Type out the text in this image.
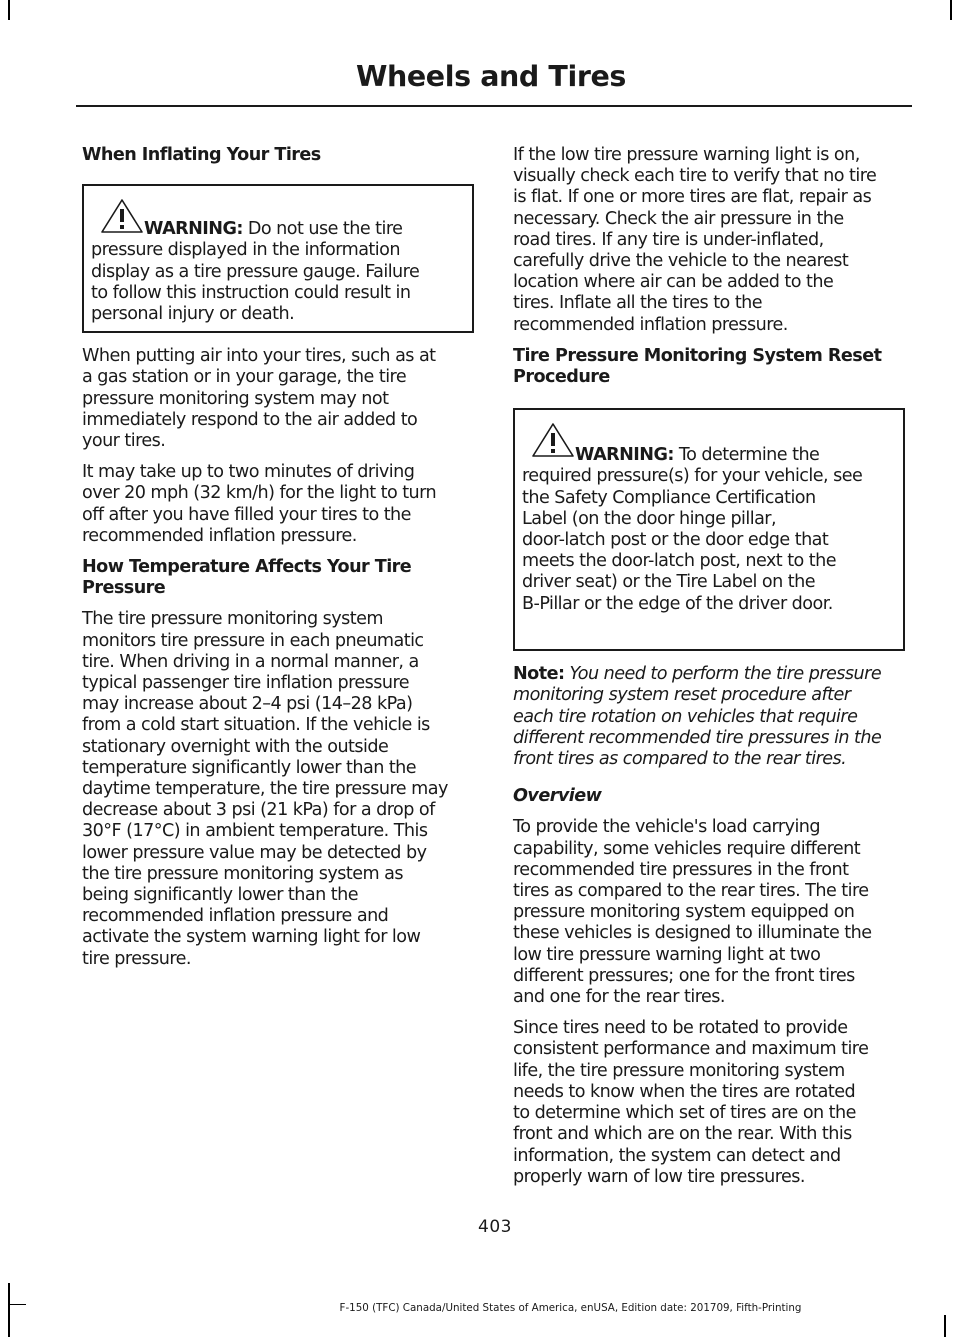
Wheels and Tires
When Inflating Your Tires
WARNING: Do not use the tire
pressure displayed in the information
display as a tire pressure gauge. Failure
to follow this instruction could result in
personal injury or death.
When putting air into your tires, such as at
a gas station or in your garage, the tire
pressure monitoring system may not
immediately respond to the air added to
your tires.
It may take up to two minutes of driving
over 20 mph (32 km/h) for the light to turn
off after you have filled your tires to the
recommended inflation pressure.
How Temperature Affects Your Tire
Pressure
The tire pressure monitoring system
monitors tire pressure in each pneumatic
tire. When driving in a normal manner, a
typical passenger tire inflation pressure
may increase about 2–4 psi (14–28 kPa)
from a cold start situation. If the vehicle is
stationary overnight with the outside
temperature significantly lower than the
daytime temperature, the tire pressure may
decrease about 3 psi (21 kPa) for a drop of
30°F (17°C) in ambient temperature. This
lower pressure value may be detected by
the tire pressure monitoring system as
being significantly lower than the
recommended inflation pressure and
activate the system warning light for low
tire pressure.
If the low tire pressure warning light is on,
visually check each tire to verify that no tire
is flat. If one or more tires are flat, repair as
necessary. Check the air pressure in the
road tires. If any tire is under-inflated,
carefully drive the vehicle to the nearest
location where air can be added to the
tires. Inflate all the tires to the
recommended inflation pressure.
Tire Pressure Monitoring System Reset
Procedure
WARNING: To determine the
required pressure(s) for your vehicle, see
the Safety Compliance Certification
Label (on the door hinge pillar,
door-latch post or the door edge that
meets the door-latch post, next to the
driver seat) or the Tire Label on the
B-Pillar or the edge of the driver door.
Note: You need to perform the tire pressure
monitoring system reset procedure after
each tire rotation on vehicles that require
different recommended tire pressures in the
front tires as compared to the rear tires.
Overview
To provide the vehicle's load carrying
capability, some vehicles require different
recommended tire pressures in the front
tires as compared to the rear tires. The tire
pressure monitoring system equipped on
these vehicles is designed to illuminate the
low tire pressure warning light at two
different pressures; one for the front tires
and one for the rear tires.
Since tires need to be rotated to provide
consistent performance and maximum tire
life, the tire pressure monitoring system
needs to know when the tires are rotated
to determine which set of tires are on the
front and which are on the rear. With this
information, the system can detect and
properly warn of low tire pressures.
403
F-150 (TFC) Canada/United States of America, enUSA, Edition date: 201709, Fifth-Printing
